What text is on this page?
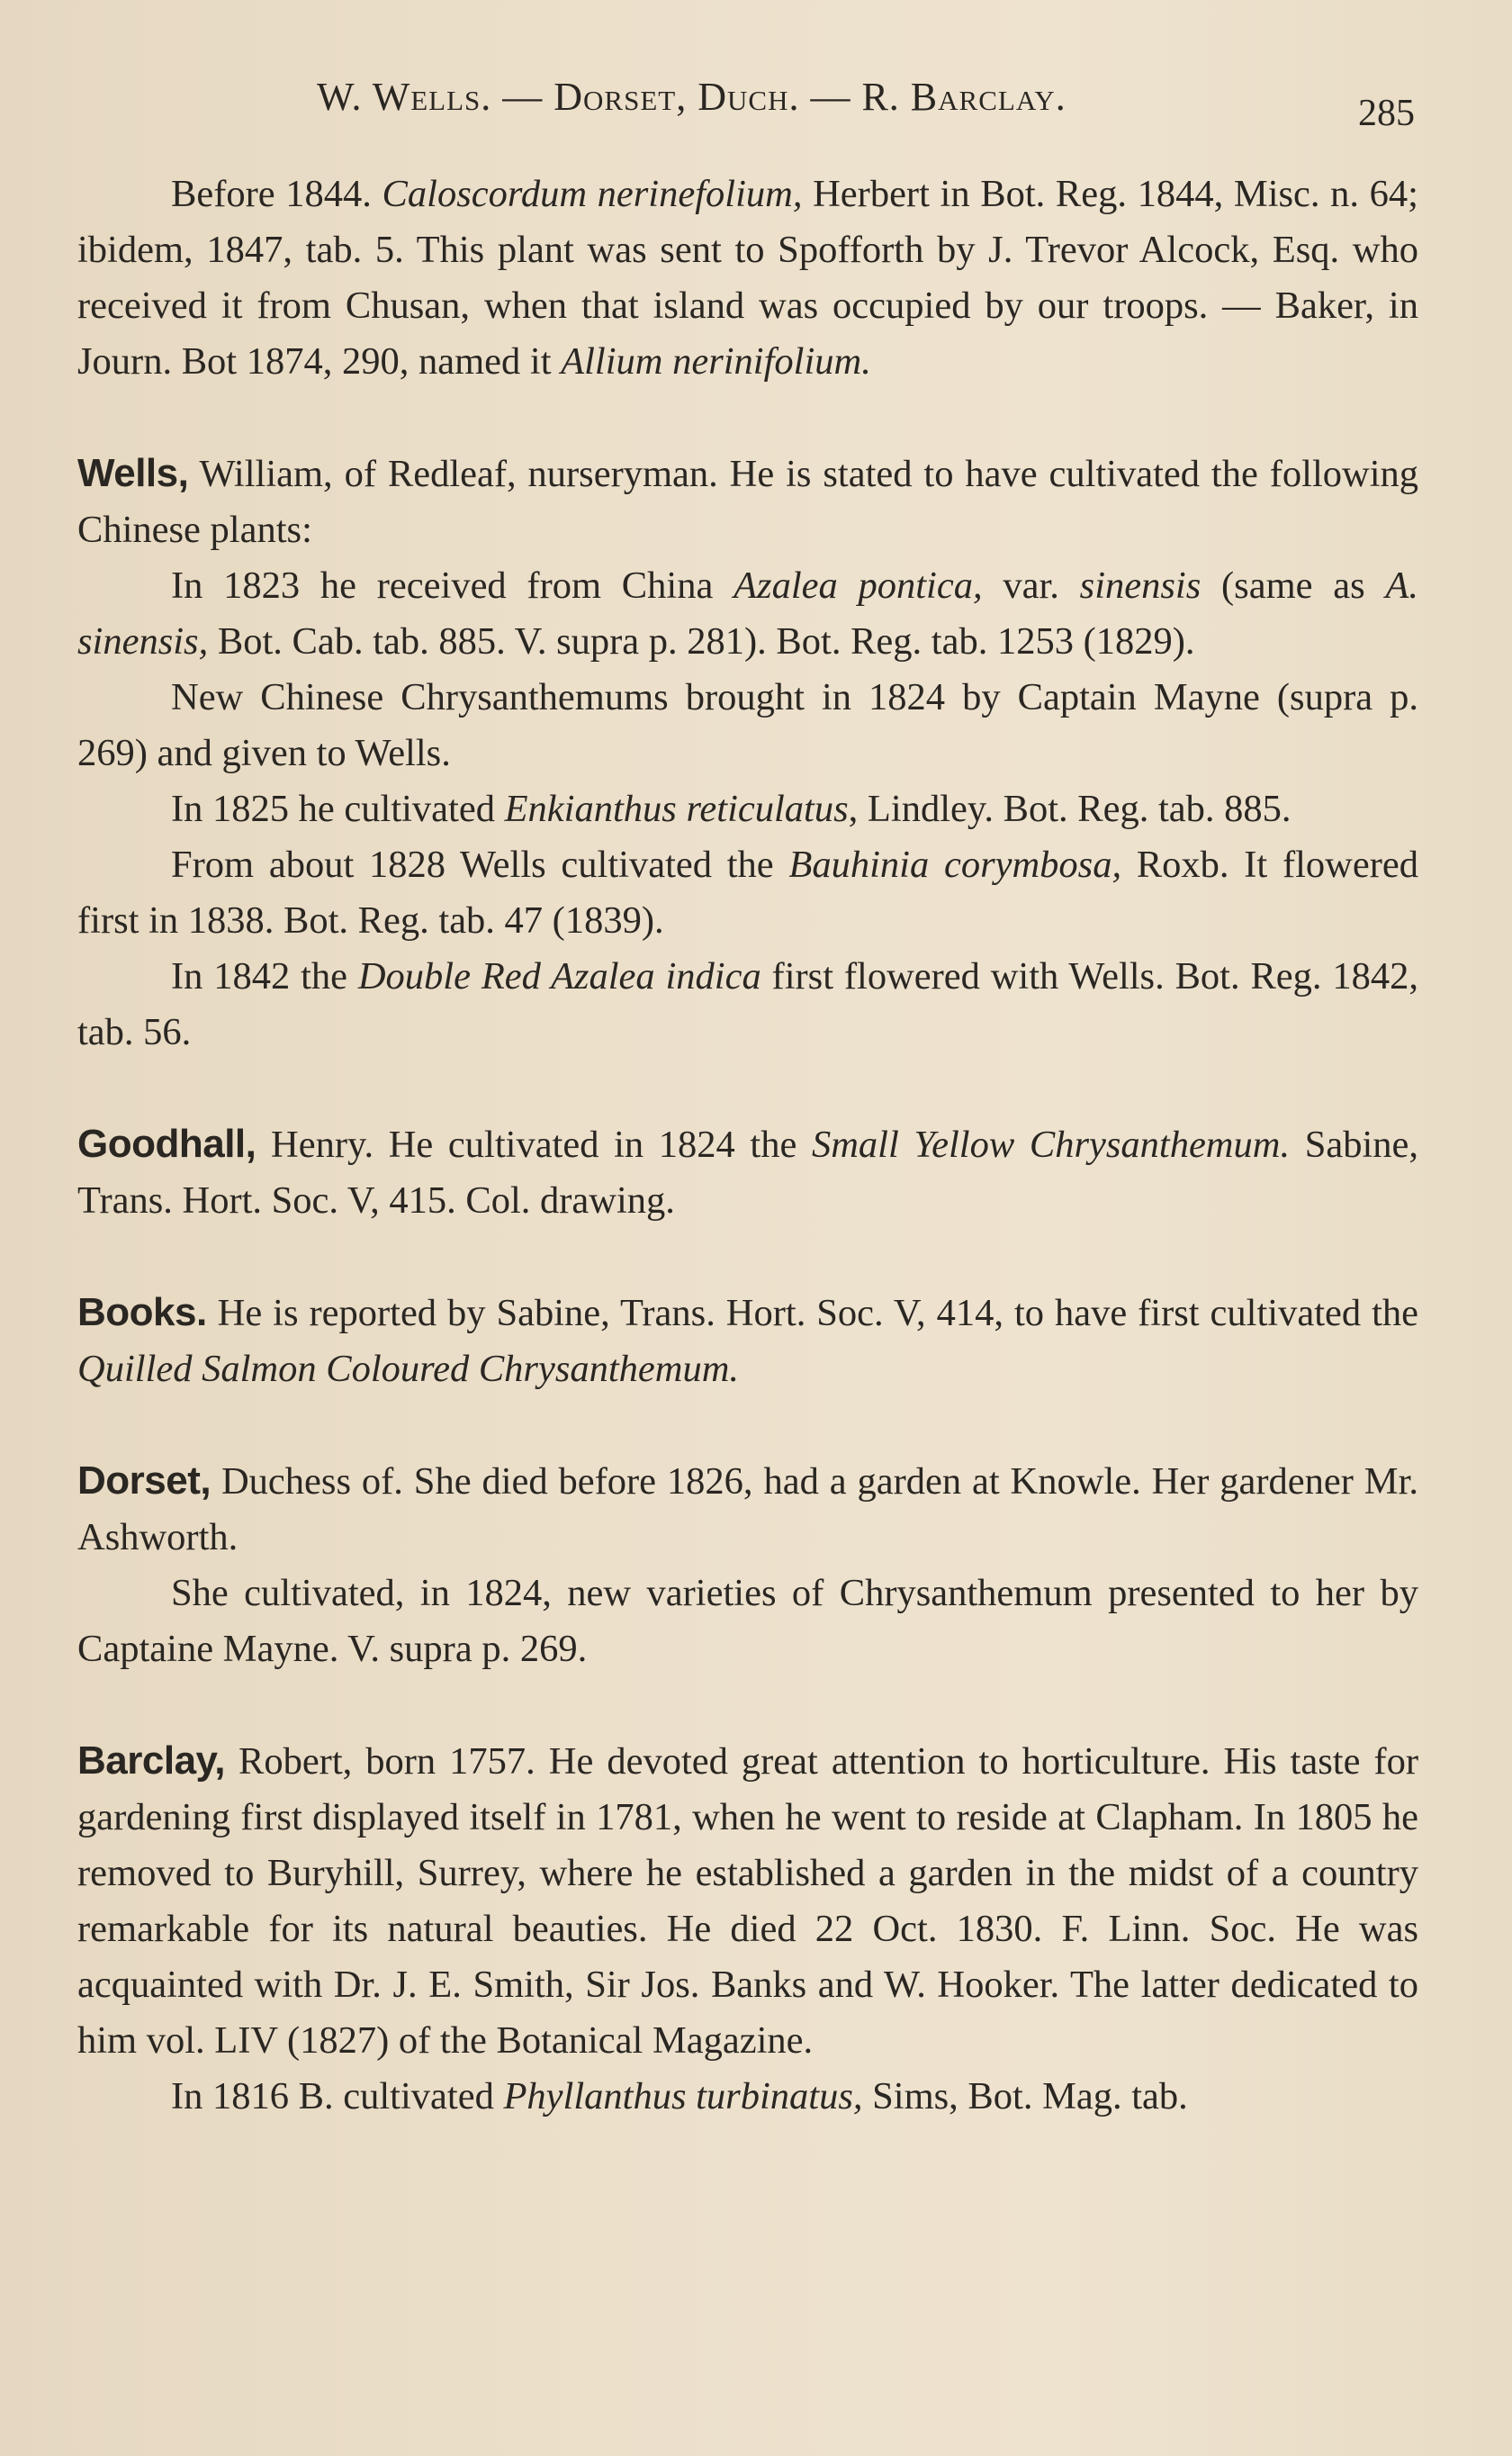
W. Wells. — Dorset, Duch. — R. Barclay.	285

Before 1844. Caloscordum nerinefolium, Herbert in Bot. Reg. 1844, Misc. n. 64; ibidem, 1847, tab. 5. This plant was sent to Spofforth by J. Trevor Alcock, Esq. who received it from Chusan, when that island was occupied by our troops. — Baker, in Journ. Bot 1874, 290, named it Allium nerinifolium.

Wells, William, of Redleaf, nurseryman. He is stated to have cultivated the following Chinese plants:

In 1823 he received from China Azalea pontica, var. sinensis (same as A. sinensis, Bot. Cab. tab. 885. V. supra p. 281). Bot. Reg. tab. 1253 (1829).

New Chinese Chrysanthemums brought in 1824 by Captain Mayne (supra p. 269) and given to Wells.

In 1825 he cultivated Enkianthus reticulatus, Lindley. Bot. Reg. tab. 885.

From about 1828 Wells cultivated the Bauhinia corymbosa, Roxb. It flowered first in 1838. Bot. Reg. tab. 47 (1839).

In 1842 the Double Red Azalea indica first flowered with Wells. Bot. Reg. 1842, tab. 56.

Goodhall, Henry. He cultivated in 1824 the Small Yellow Chrysanthemum. Sabine, Trans. Hort. Soc. V, 415. Col. drawing.

Books. He is reported by Sabine, Trans. Hort. Soc. V, 414, to have first cultivated the Quilled Salmon Coloured Chrysanthemum.

Dorset, Duchess of. She died before 1826, had a garden at Knowle. Her gardener Mr. Ashworth.

She cultivated, in 1824, new varieties of Chrysanthemum presented to her by Captaine Mayne. V. supra p. 269.

Barclay, Robert, born 1757. He devoted great attention to horticulture. His taste for gardening first displayed itself in 1781, when he went to reside at Clapham. In 1805 he removed to Buryhill, Surrey, where he established a garden in the midst of a country remarkable for its natural beauties. He died 22 Oct. 1830. F. Linn. Soc. He was acquainted with Dr. J. E. Smith, Sir Jos. Banks and W. Hooker. The latter dedicated to him vol. LIV (1827) of the Botanical Magazine.

In 1816 B. cultivated Phyllanthus turbinatus, Sims, Bot. Mag. tab.
